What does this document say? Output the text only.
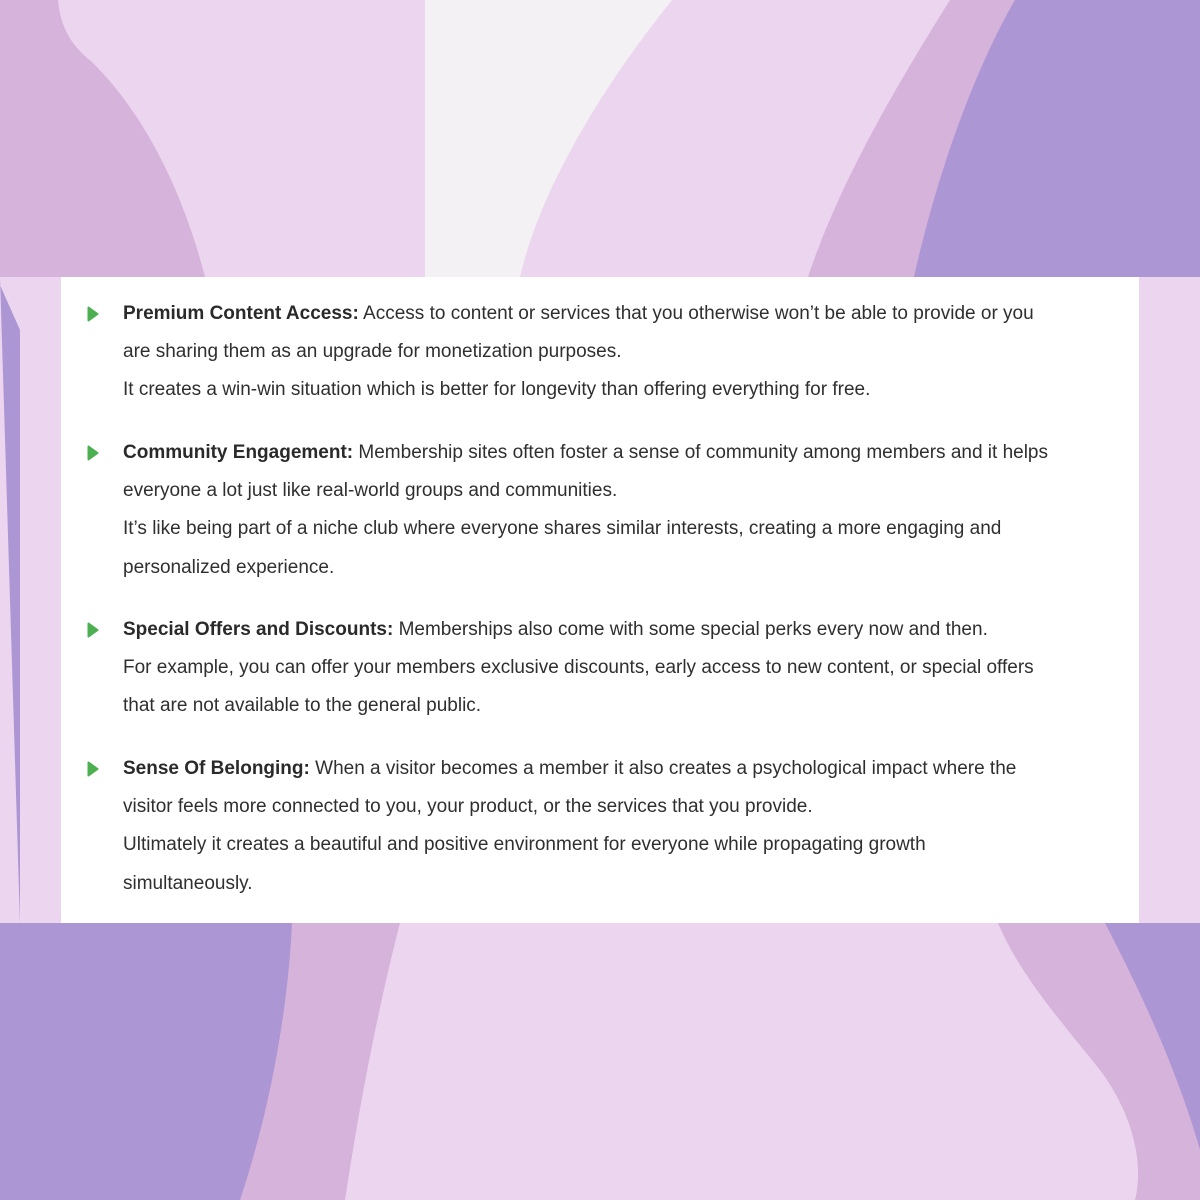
Premium Content Access: Access to content or services that you otherwise won’t be able to provide or you
are sharing them as an upgrade for monetization purposes.
It creates a win-win situation which is better for longevity than offering everything for free.

Community Engagement: Membership sites often foster a sense of community among members and it helps
everyone a lot just like real-world groups and communities.
It’s like being part of a niche club where everyone shares similar interests, creating a more engaging and
personalized experience.

Special Offers and Discounts: Memberships also come with some special perks every now and then.
For example, you can offer your members exclusive discounts, early access to new content, or special offers
that are not available to the general public.

Sense Of Belonging: When a visitor becomes a member it also creates a psychological impact where the
visitor feels more connected to you, your product, or the services that you provide.
Ultimately it creates a beautiful and positive environment for everyone while propagating growth
simultaneously.
